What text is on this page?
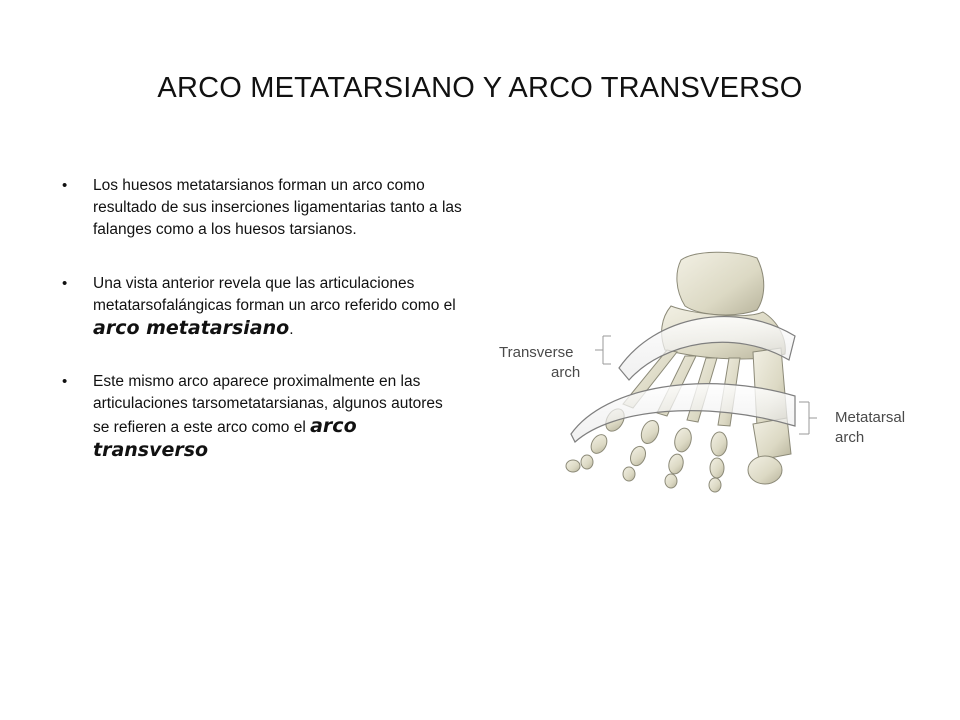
ARCO METATARSIANO Y ARCO TRANSVERSO
• Los huesos metatarsianos forman un arco como resultado de sus inserciones ligamentarias tanto a las falanges como a los huesos tarsianos.
• Una vista anterior revela que las articulaciones metatarsofalángicas forman un arco referido como el arco metatarsiano.
• Este mismo arco aparece proximalmente en las articulaciones tarsometatarsianas, algunos autores se refieren a este arco como el arco transverso
Transverse
arch
Metatarsal
arch
